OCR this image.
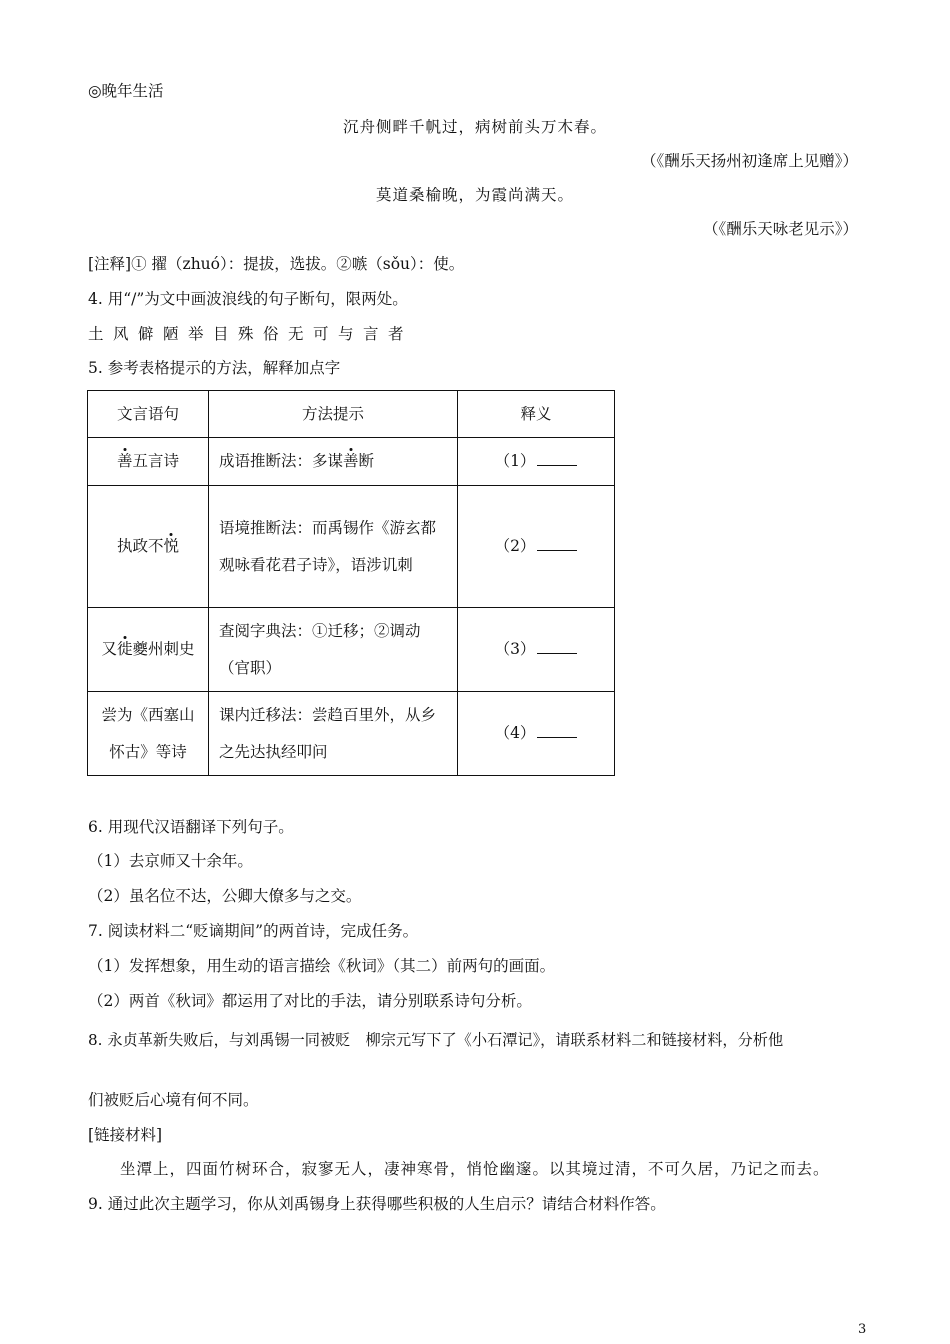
◎晚年生活
沉舟侧畔千帆过，病树前头万木春。
（《酬乐天扬州初逢席上见赠》）
莫道桑榆晚，为霞尚满天。
（《酬乐天咏老见示》）
[注释]① 擢（zhuó）：提拔，选拔。②嗾（sǒu）：使。
4. 用“/”为文中画波浪线的句子断句，限两处。
土风僻陋举目殊俗无可与言者
5. 参考表格提示的方法，解释加点字
文言语句	方法提示	释义
善五言诗	成语推断法：多谋善断	（1）
执政不悦	语境推断法：而禹锡作《游玄都观咏看花君子诗》，语涉讥刺	（2）
又徙夔州刺史	查阅字典法：①迁移；②调动（官职）	（3）
尝为《西塞山怀古》等诗	课内迁移法：尝趋百里外，从乡之先达执经叩问	（4）
6. 用现代汉语翻译下列句子。
（1）去京师又十余年。
（2）虽名位不达，公卿大僚多与之交。
7. 阅读材料二“贬谪期间”的两首诗，完成任务。
（1）发挥想象，用生动的语言描绘《秋词》（其二）前两句的画面。
（2）两首《秋词》都运用了对比的手法，请分别联系诗句分析。
8. 永贞革新失败后，与刘禹锡一同被贬　柳宗元写下了《小石潭记》，请联系材料二和链接材料，分析他
们被贬后心境有何不同。
[链接材料]
坐潭上，四面竹树环合，寂寥无人，凄神寒骨，悄怆幽邃。以其境过清，不可久居，乃记之而去。
9. 通过此次主题学习，你从刘禹锡身上获得哪些积极的人生启示？请结合材料作答。
3
